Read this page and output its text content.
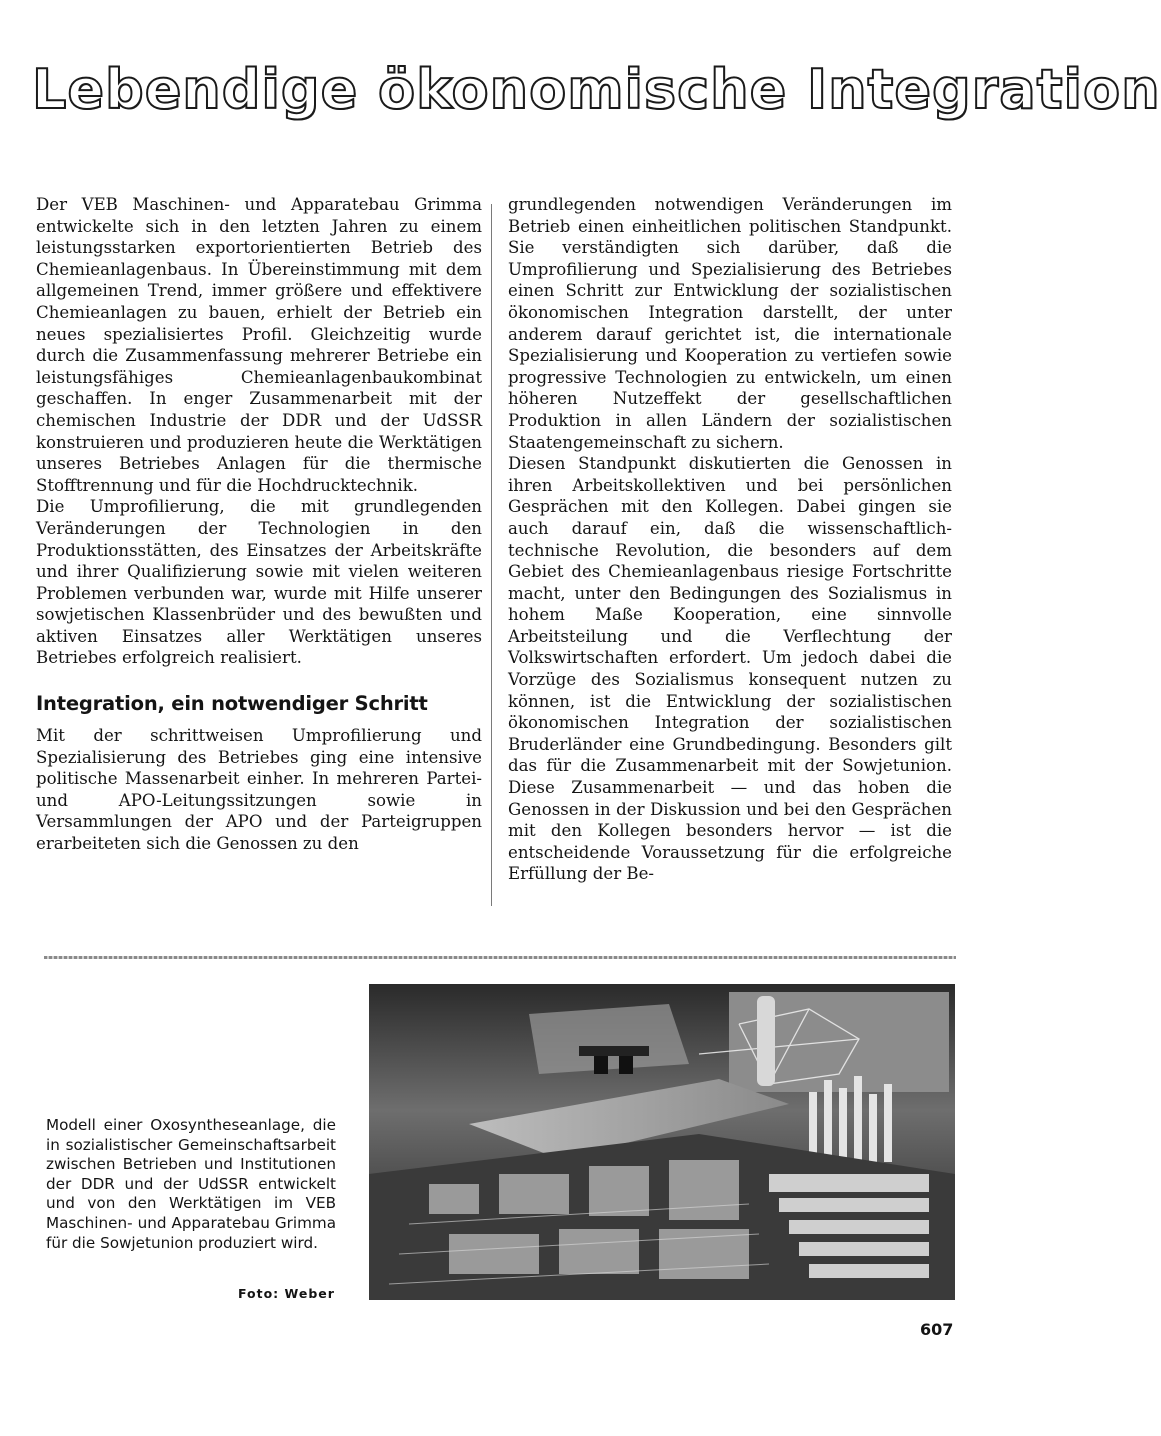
Lebendige ökonomische Integration

Der VEB Maschinen- und Apparatebau Grimma entwickelte sich in den letzten Jahren zu einem leistungsstarken exportorientierten Betrieb des Chemieanlagenbaus. In Übereinstimmung mit dem allgemeinen Trend, immer größere und effektivere Chemieanlagen zu bauen, erhielt der Betrieb ein neues spezialisiertes Profil. Gleichzeitig wurde durch die Zusammenfassung mehrerer Betriebe ein leistungsfähiges Chemieanlagenbaukombinat geschaffen. In enger Zusammenarbeit mit der chemischen Industrie der DDR und der UdSSR konstruieren und produzieren heute die Werktätigen unseres Betriebes Anlagen für die thermische Stofftrennung und für die Hochdrucktechnik.

Die Umprofilierung, die mit grundlegenden Veränderungen der Technologien in den Produktionsstätten, des Einsatzes der Arbeitskräfte und ihrer Qualifizierung sowie mit vielen weiteren Problemen verbunden war, wurde mit Hilfe unserer sowjetischen Klassenbrüder und des bewußten und aktiven Einsatzes aller Werktätigen unseres Betriebes erfolgreich realisiert.

Integration, ein notwendiger Schritt

Mit der schrittweisen Umprofilierung und Spezialisierung des Betriebes ging eine intensive politische Massenarbeit einher. In mehreren Partei- und APO-Leitungssitzungen sowie in Versammlungen der APO und der Parteigruppen erarbeiteten sich die Genossen zu den

grundlegenden notwendigen Veränderungen im Betrieb einen einheitlichen politischen Standpunkt. Sie verständigten sich darüber, daß die Umprofilierung und Spezialisierung des Betriebes einen Schritt zur Entwicklung der sozialistischen ökonomischen Integration darstellt, der unter anderem darauf gerichtet ist, die internationale Spezialisierung und Kooperation zu vertiefen sowie progressive Technologien zu entwickeln, um einen höheren Nutzeffekt der gesellschaftlichen Produktion in allen Ländern der sozialistischen Staatengemeinschaft zu sichern.

Diesen Standpunkt diskutierten die Genossen in ihren Arbeitskollektiven und bei persönlichen Gesprächen mit den Kollegen. Dabei gingen sie auch darauf ein, daß die wissenschaftlich-technische Revolution, die besonders auf dem Gebiet des Chemieanlagenbaus riesige Fortschritte macht, unter den Bedingungen des Sozialismus in hohem Maße Kooperation, eine sinnvolle Arbeitsteilung und die Verflechtung der Volkswirtschaften erfordert. Um jedoch dabei die Vorzüge des Sozialismus konsequent nutzen zu können, ist die Entwicklung der sozialistischen ökonomischen Integration der sozialistischen Bruderländer eine Grundbedingung. Besonders gilt das für die Zusammenarbeit mit der Sowjetunion. Diese Zusammenarbeit — und das hoben die Genossen in der Diskussion und bei den Gesprächen mit den Kollegen besonders hervor — ist die entscheidende Voraussetzung für die erfolgreiche Erfüllung der Be-

Modell einer Oxosyntheseanlage, die in sozialistischer Gemeinschaftsarbeit zwischen Betrieben und Institutionen der DDR und der UdSSR entwickelt und von den Werktätigen im VEB Maschinen- und Apparatebau Grimma für die Sowjetunion produziert wird.
Foto: Weber
607
